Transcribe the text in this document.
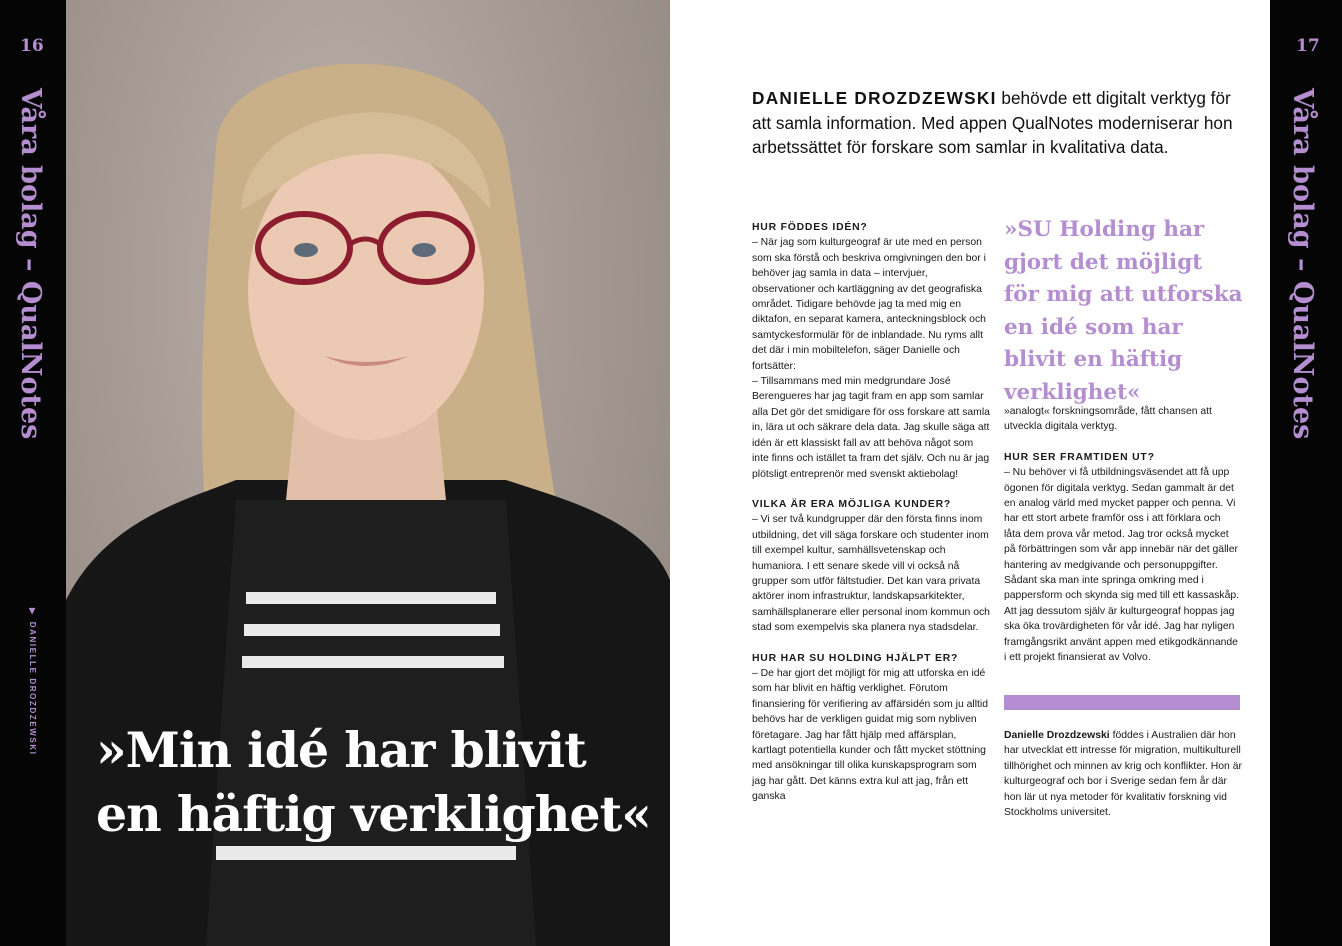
16
Våra bolag – QualNotes
▶DANIELLE DROZDZEWSKI »Min idé har blivit
en häftig verklighet«
DANIELLE DROZDZEWSKI behövde ett digitalt verktyg för att samla information. Med appen QualNotes moderniserar hon arbetssättet för forskare som samlar in kvalitativa data.

HUR FÖDDES IDÉN?

– När jag som kulturgeograf är ute med en person som ska förstå och beskriva omgivningen den bor i behöver jag samla in data – intervjuer, observationer och kartläggning av det geografiska området. Tidigare behövde jag ta med mig en diktafon, en separat kamera, anteckningsblock och samtyckesformulär för de inblandade. Nu ryms allt det där i min mobiltelefon, säger Danielle och fortsätter:

– Tillsammans med min medgrundare José Berengueres har jag tagit fram en app som samlar alla Det gör det smidigare för oss forskare att samla in, lära ut och säkrare dela data. Jag skulle säga att idén är ett klassiskt fall av att behöva något som inte finns och istället ta fram det själv. Och nu är jag plötsligt entreprenör med svenskt aktiebolag!

VILKA ÄR ERA MÖJLIGA KUNDER?

– Vi ser två kundgrupper där den första finns inom utbildning, det vill säga forskare och studenter inom till exempel kultur, samhällsvetenskap och humaniora. I ett senare skede vill vi också nå grupper som utför fältstudier. Det kan vara privata aktörer inom infrastruktur, landskapsarkitekter, samhällsplanerare eller personal inom kommun och stad som exempelvis ska planera nya stadsdelar.

HUR HAR SU HOLDING HJÄLPT ER?

– De har gjort det möjligt för mig att utforska en idé som har blivit en häftig verklighet. Förutom finansiering för verifiering av affärsidén som ju alltid behövs har de verkligen guidat mig som nybliven företagare. Jag har fått hjälp med affärsplan, kartlagt potentiella kunder och fått mycket stöttning med ansökningar till olika kunskapsprogram som jag har gått. Det känns extra kul att jag, från ett ganska

»SU Holding har gjort det möjligt för mig att utforska en idé som har blivit en häftig verklighet«

»analogt« forskningsområde, fått chansen att utveckla digitala verktyg.

HUR SER FRAMTIDEN UT?

– Nu behöver vi få utbildningsväsendet att få upp ögonen för digitala verktyg. Sedan gammalt är det en analog värld med mycket papper och penna. Vi har ett stort arbete framför oss i att förklara och låta dem prova vår metod. Jag tror också mycket på förbättringen som vår app innebär när det gäller hantering av medgivande och personuppgifter. Sådant ska man inte springa omkring med i pappersform och skynda sig med till ett kassaskåp. Att jag dessutom själv är kulturgeograf hoppas jag ska öka trovärdigheten för vår idé. Jag har nyligen framgångsrikt använt appen med etikgodkännande i ett projekt finansierat av Volvo.

Danielle Drozdzewski föddes i Australien där hon har utvecklat ett intresse för migration, multikulturell tillhörighet och minnen av krig och konflikter. Hon är kulturgeograf och bor i Sverige sedan fem år där hon lär ut nya metoder för kvalitativ forskning vid Stockholms universitet.
17
Våra bolag – QualNotes
